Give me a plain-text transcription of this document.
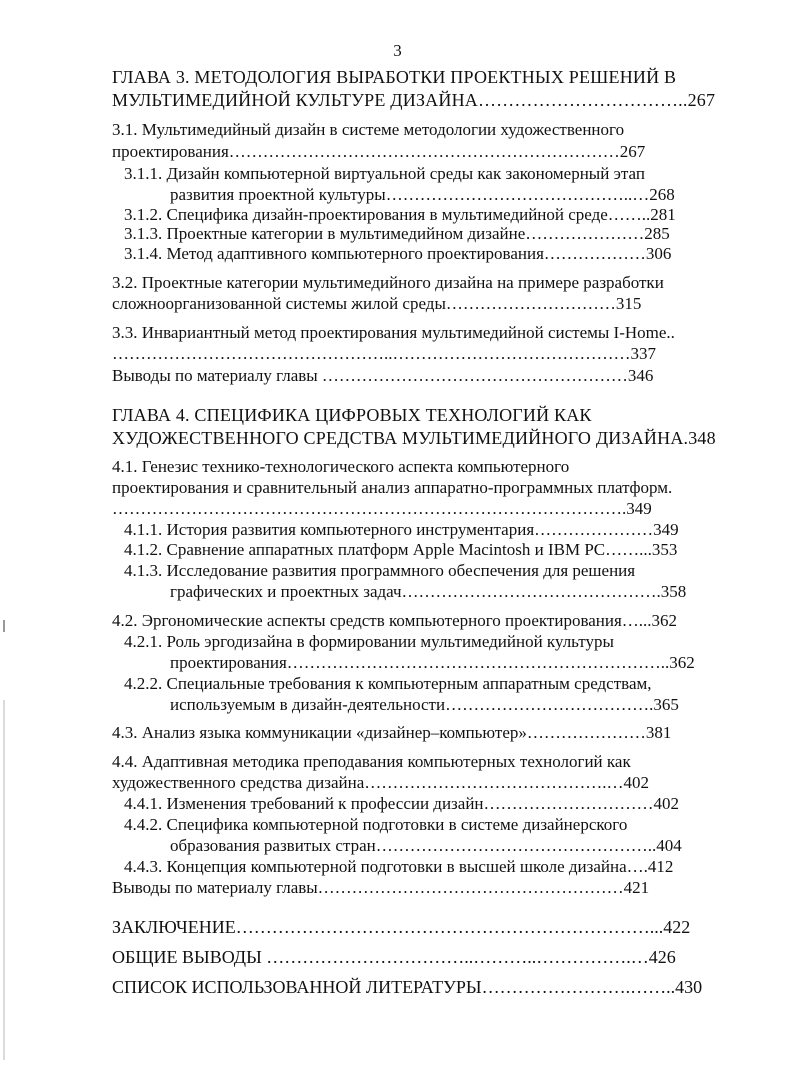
3
ГЛАВА 3. МЕТОДОЛОГИЯ ВЫРАБОТКИ ПРОЕКТНЫХ РЕШЕНИЙ В
МУЛЬТИМЕДИЙНОЙ КУЛЬТУРЕ ДИЗАЙНА……………………………..267
3.1. Мультимедийный дизайн в системе методологии художественного
проектирования……………………………………………………………267
3.1.1. Дизайн компьютерной виртуальной среды как закономерный этап
развития проектной культуры……………………………………..…268
3.1.2. Специфика дизайн-проектирования в мультимедийной среде……..281
3.1.3. Проектные категории в мультимедийном дизайне…………………285
3.1.4. Метод адаптивного компьютерного проектирования………………306
3.2. Проектные категории мультимедийного дизайна на примере разработки
сложноорганизованной системы жилой среды…………………………315
3.3. Инвариантный метод проектирования мультимедийной системы I-Home..
…………………………………………..……………………………………337
Выводы по материалу главы ………………………………………………346
ГЛАВА 4. СПЕЦИФИКА ЦИФРОВЫХ ТЕХНОЛОГИЙ КАК
ХУДОЖЕСТВЕННОГО СРЕДСТВА МУЛЬТИМЕДИЙНОГО ДИЗАЙНА.348
4.1. Генезис технико-технологического аспекта компьютерного
проектирования и сравнительный анализ аппаратно-программных платформ.
……………………………………………………………………………….349
4.1.1. История развития компьютерного инструментария…………………349
4.1.2. Сравнение аппаратных платформ Apple Macintosh и IBM PC……...353
4.1.3. Исследование развития программного обеспечения для решения
графических и проектных задач……………………………………….358
4.2. Эргономические аспекты средств компьютерного проектирования…...362
4.2.1. Роль эргодизайна в формировании мультимедийной культуры
проектирования…………………………………………………………..362
4.2.2. Специальные требования к компьютерным аппаратным средствам,
используемым в дизайн-деятельности……………………………….365
4.3. Анализ языка коммуникации «дизайнер–компьютер»…………………381
4.4. Адаптивная методика преподавания компьютерных технологий как
художественного средства дизайна…………………………………….…402
4.4.1. Изменения требований к профессии дизайн…………………………402
4.4.2. Специфика компьютерной подготовки в системе дизайнерского
образования развитых стран…………………………………………..404
4.4.3. Концепция компьютерной подготовки в высшей школе дизайна….412
Выводы по материалу главы………………………………………………421
ЗАКЛЮЧЕНИЕ……………………………………………………………...422
ОБЩИЕ ВЫВОДЫ ……………………………..………..…………….…426
СПИСОК ИСПОЛЬЗОВАННОЙ ЛИТЕРАТУРЫ…………………….……..430
